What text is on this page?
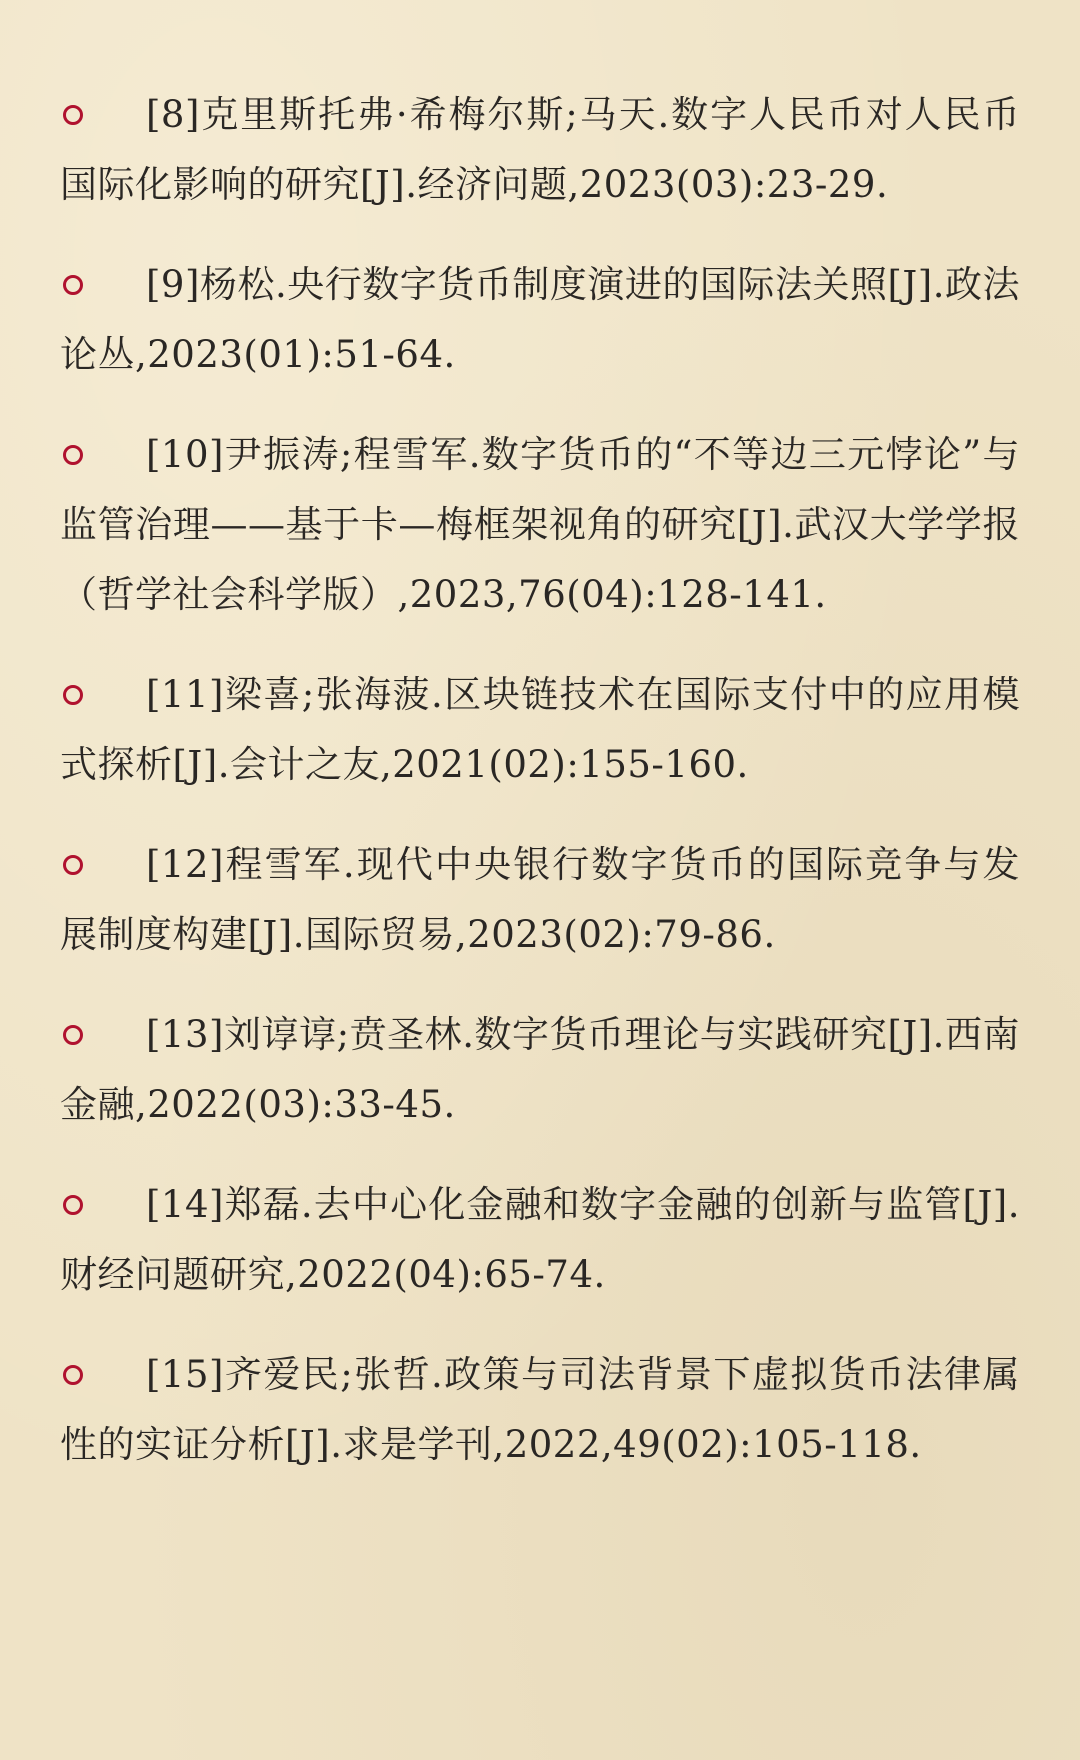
[8]克里斯托弗·希梅尔斯;马天.数字人民币对人民币国际化影响的研究[J].经济问题,2023(03):23-29.
[9]杨松.央行数字货币制度演进的国际法关照[J].政法论丛,2023(01):51-64.
[10]尹振涛;程雪军.数字货币的“不等边三元悖论”与监管治理——基于卡—梅框架视角的研究[J].武汉大学学报（哲学社会科学版）,2023,76(04):128-141.
[11]梁喜;张海菠.区块链技术在国际支付中的应用模式探析[J].会计之友,2021(02):155-160.
[12]程雪军.现代中央银行数字货币的国际竞争与发展制度构建[J].国际贸易,2023(02):79-86.
[13]刘谆谆;贲圣林.数字货币理论与实践研究[J].西南金融,2022(03):33-45.
[14]郑磊.去中心化金融和数字金融的创新与监管[J].财经问题研究,2022(04):65-74.
[15]齐爱民;张哲.政策与司法背景下虚拟货币法律属性的实证分析[J].求是学刊,2022,49(02):105-118.
